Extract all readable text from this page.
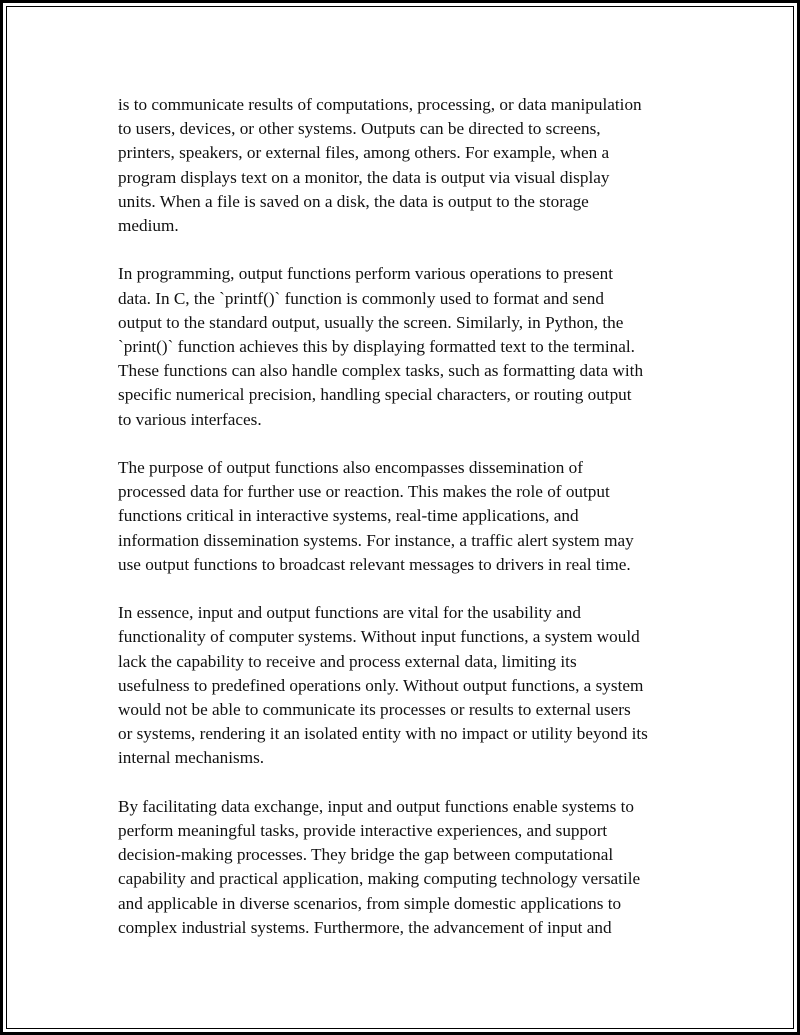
is to communicate results of computations, processing, or data manipulation
to users, devices, or other systems. Outputs can be directed to screens,
printers, speakers, or external files, among others. For example, when a
program displays text on a monitor, the data is output via visual display
units. When a file is saved on a disk, the data is output to the storage
medium.

In programming, output functions perform various operations to present
data. In C, the `printf()` function is commonly used to format and send
output to the standard output, usually the screen. Similarly, in Python, the
`print()` function achieves this by displaying formatted text to the terminal.
These functions can also handle complex tasks, such as formatting data with
specific numerical precision, handling special characters, or routing output
to various interfaces.

The purpose of output functions also encompasses dissemination of
processed data for further use or reaction. This makes the role of output
functions critical in interactive systems, real-time applications, and
information dissemination systems. For instance, a traffic alert system may
use output functions to broadcast relevant messages to drivers in real time.

In essence, input and output functions are vital for the usability and
functionality of computer systems. Without input functions, a system would
lack the capability to receive and process external data, limiting its
usefulness to predefined operations only. Without output functions, a system
would not be able to communicate its processes or results to external users
or systems, rendering it an isolated entity with no impact or utility beyond its
internal mechanisms.

By facilitating data exchange, input and output functions enable systems to
perform meaningful tasks, provide interactive experiences, and support
decision-making processes. They bridge the gap between computational
capability and practical application, making computing technology versatile
and applicable in diverse scenarios, from simple domestic applications to
complex industrial systems. Furthermore, the advancement of input and
